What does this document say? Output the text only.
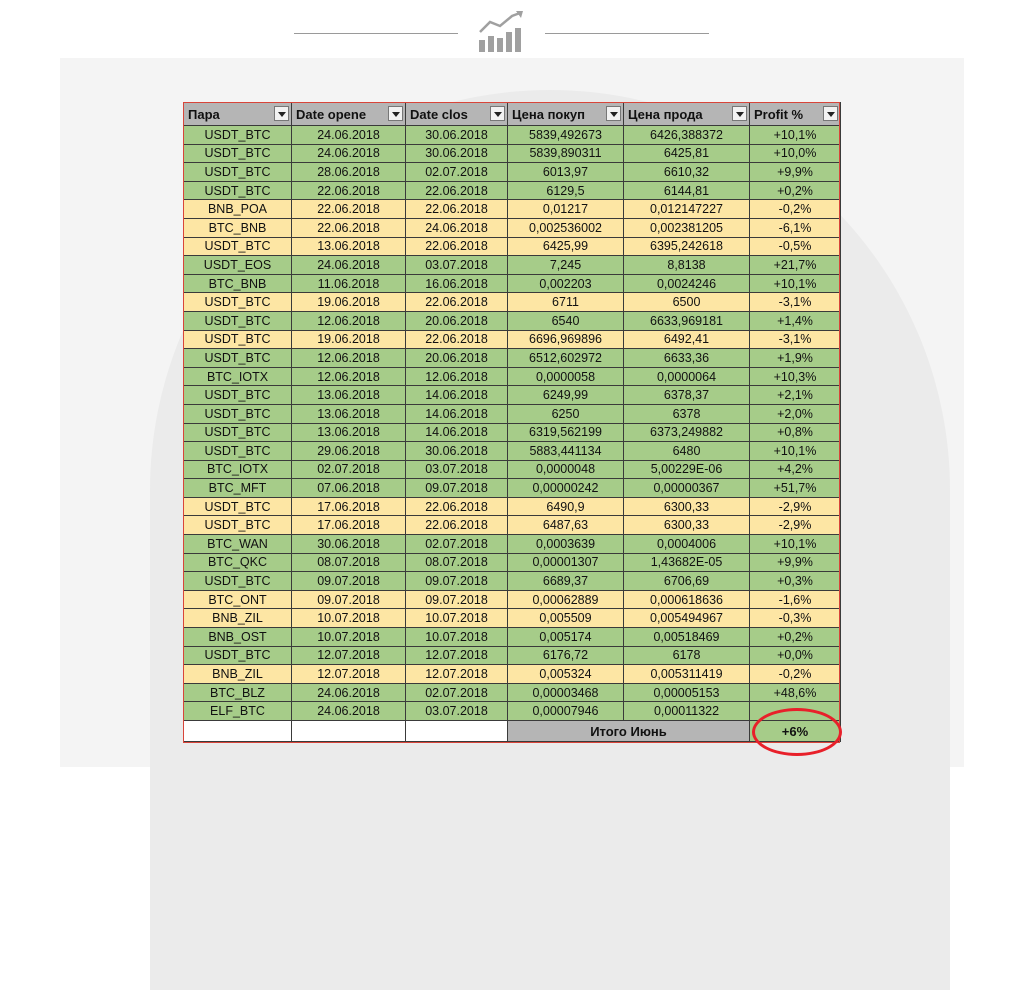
Пара	Date opene	Date clos	Цена покуп	Цена прода	Profit %

USDT_BTC	24.06.2018	30.06.2018	5839,492673	6426,388372	+10,1%
USDT_BTC	24.06.2018	30.06.2018	5839,890311	6425,81	+10,0%
USDT_BTC	28.06.2018	02.07.2018	6013,97	6610,32	+9,9%
USDT_BTC	22.06.2018	22.06.2018	6129,5	6144,81	+0,2%
BNB_POA	22.06.2018	22.06.2018	0,01217	0,012147227	-0,2%
BTC_BNB	22.06.2018	24.06.2018	0,002536002	0,002381205	-6,1%
USDT_BTC	13.06.2018	22.06.2018	6425,99	6395,242618	-0,5%
USDT_EOS	24.06.2018	03.07.2018	7,245	8,8138	+21,7%
BTC_BNB	11.06.2018	16.06.2018	0,002203	0,0024246	+10,1%
USDT_BTC	19.06.2018	22.06.2018	6711	6500	-3,1%
USDT_BTC	12.06.2018	20.06.2018	6540	6633,969181	+1,4%
USDT_BTC	19.06.2018	22.06.2018	6696,969896	6492,41	-3,1%
USDT_BTC	12.06.2018	20.06.2018	6512,602972	6633,36	+1,9%
BTC_IOTX	12.06.2018	12.06.2018	0,0000058	0,0000064	+10,3%
USDT_BTC	13.06.2018	14.06.2018	6249,99	6378,37	+2,1%
USDT_BTC	13.06.2018	14.06.2018	6250	6378	+2,0%
USDT_BTC	13.06.2018	14.06.2018	6319,562199	6373,249882	+0,8%
USDT_BTC	29.06.2018	30.06.2018	5883,441134	6480	+10,1%
BTC_IOTX	02.07.2018	03.07.2018	0,0000048	5,00229E-06	+4,2%
BTC_MFT	07.06.2018	09.07.2018	0,00000242	0,00000367	+51,7%
USDT_BTC	17.06.2018	22.06.2018	6490,9	6300,33	-2,9%
USDT_BTC	17.06.2018	22.06.2018	6487,63	6300,33	-2,9%
BTC_WAN	30.06.2018	02.07.2018	0,0003639	0,0004006	+10,1%
BTC_QKC	08.07.2018	08.07.2018	0,00001307	1,43682E-05	+9,9%
USDT_BTC	09.07.2018	09.07.2018	6689,37	6706,69	+0,3%
BTC_ONT	09.07.2018	09.07.2018	0,00062889	0,000618636	-1,6%
BNB_ZIL	10.07.2018	10.07.2018	0,005509	0,005494967	-0,3%
BNB_OST	10.07.2018	10.07.2018	0,005174	0,00518469	+0,2%
USDT_BTC	12.07.2018	12.07.2018	6176,72	6178	+0,0%
BNB_ZIL	12.07.2018	12.07.2018	0,005324	0,005311419	-0,2%
BTC_BLZ	24.06.2018	02.07.2018	0,00003468	0,00005153	+48,6%
ELF_BTC	24.06.2018	03.07.2018	0,00007946	0,00011322	
			Итого Июнь		+6%
